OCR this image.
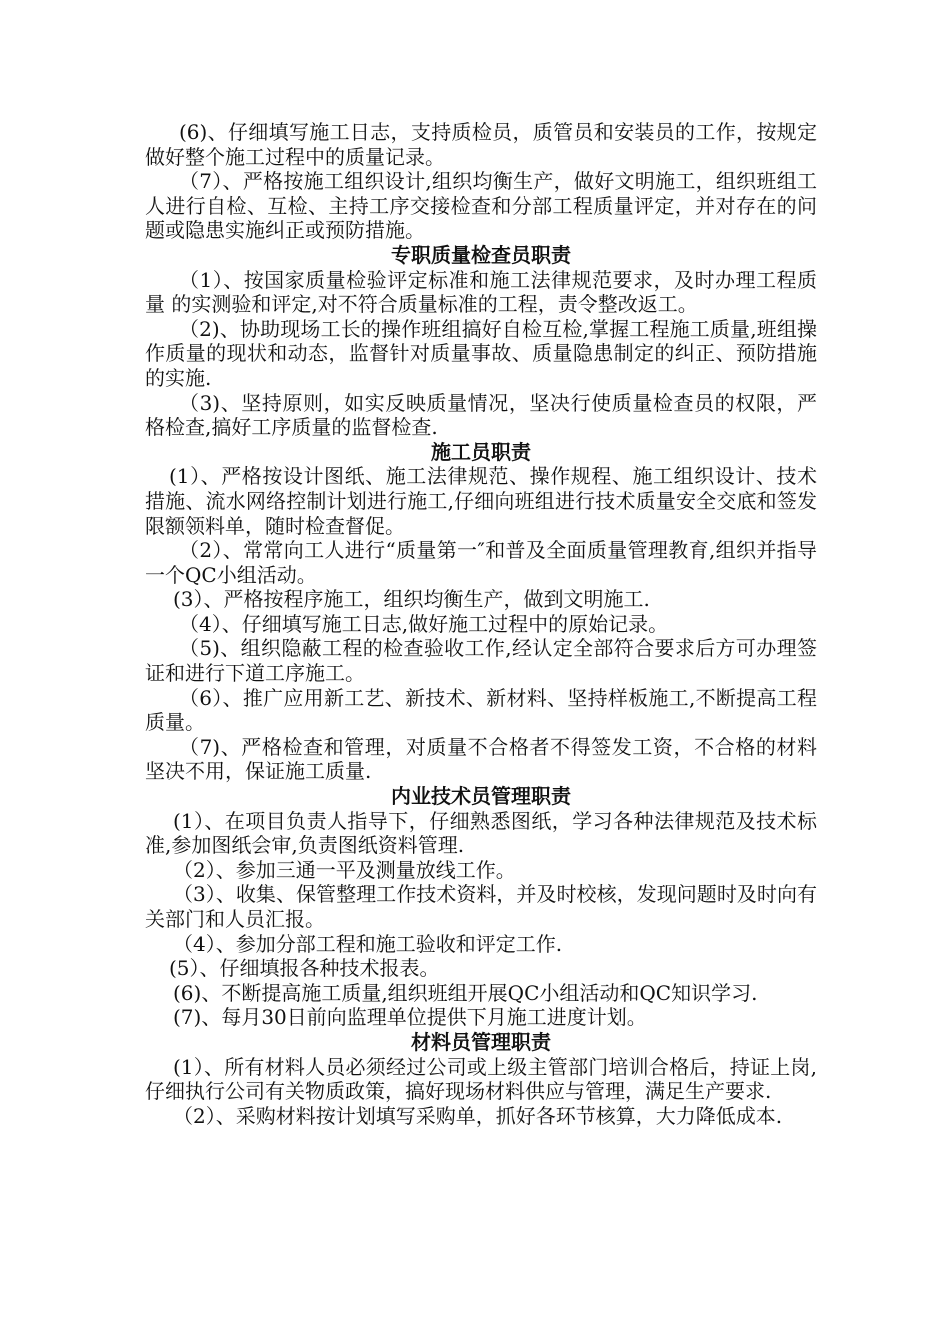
(6)、仔细填写施工日志，支持质检员，质管员和安装员的工作，按规定做好整个施工过程中的质量记录。

（7）、严格按施工组织设计,组织均衡生产，做好文明施工，组织班组工人进行自检、互检、主持工序交接检查和分部工程质量评定，并对存在的问题或隐患实施纠正或预防措施。

专职质量检查员职责

（1）、按国家质量检验评定标准和施工法律规范要求，及时办理工程质量 的实测验和评定,对不符合质量标准的工程，责令整改返工。

（2)、协助现场工长的操作班组搞好自检互检,掌握工程施工质量,班组操作质量的现状和动态，监督针对质量事故、质量隐患制定的纠正、预防措施的实施.

（3)、坚持原则，如实反映质量情况，坚决行使质量检查员的权限，严格检查,搞好工序质量的监督检查.

施工员职责

(1）、严格按设计图纸、施工法律规范、操作规程、施工组织设计、技术措施、流水网络控制计划进行施工,仔细向班组进行技术质量安全交底和签发限额领料单，随时检查督促。

（2）、常常向工人进行“质量第一″和普及全面质量管理教育,组织并指导一个QC小组活动。

(3）、严格按程序施工，组织均衡生产，做到文明施工.

（4）、仔细填写施工日志,做好施工过程中的原始记录。

（5)、组织隐蔽工程的检查验收工作,经认定全部符合要求后方可办理签证和进行下道工序施工。

（6）、推广应用新工艺、新技术、新材料、坚持样板施工,不断提高工程质量。

（7)、严格检查和管理，对质量不合格者不得签发工资，不合格的材料坚决不用，保证施工质量.

内业技术员管理职责

(1）、在项目负责人指导下，仔细熟悉图纸，学习各种法律规范及技术标准,参加图纸会审,负责图纸资料管理.

（2）、参加三通一平及测量放线工作。

（3）、收集、保管整理工作技术资料，并及时校核，发现问题时及时向有关部门和人员汇报。

（4）、参加分部工程和施工验收和评定工作.

(5）、仔细填报各种技术报表。

(6)、不断提高施工质量,组织班组开展QC小组活动和QC知识学习.

(7)、每月30日前向监理单位提供下月施工进度计划。

材料员管理职责

(1）、所有材料人员必须经过公司或上级主管部门培训合格后，持证上岗,仔细执行公司有关物质政策，搞好现场材料供应与管理，满足生产要求.

（2）、采购材料按计划填写采购单，抓好各环节核算，大力降低成本.
